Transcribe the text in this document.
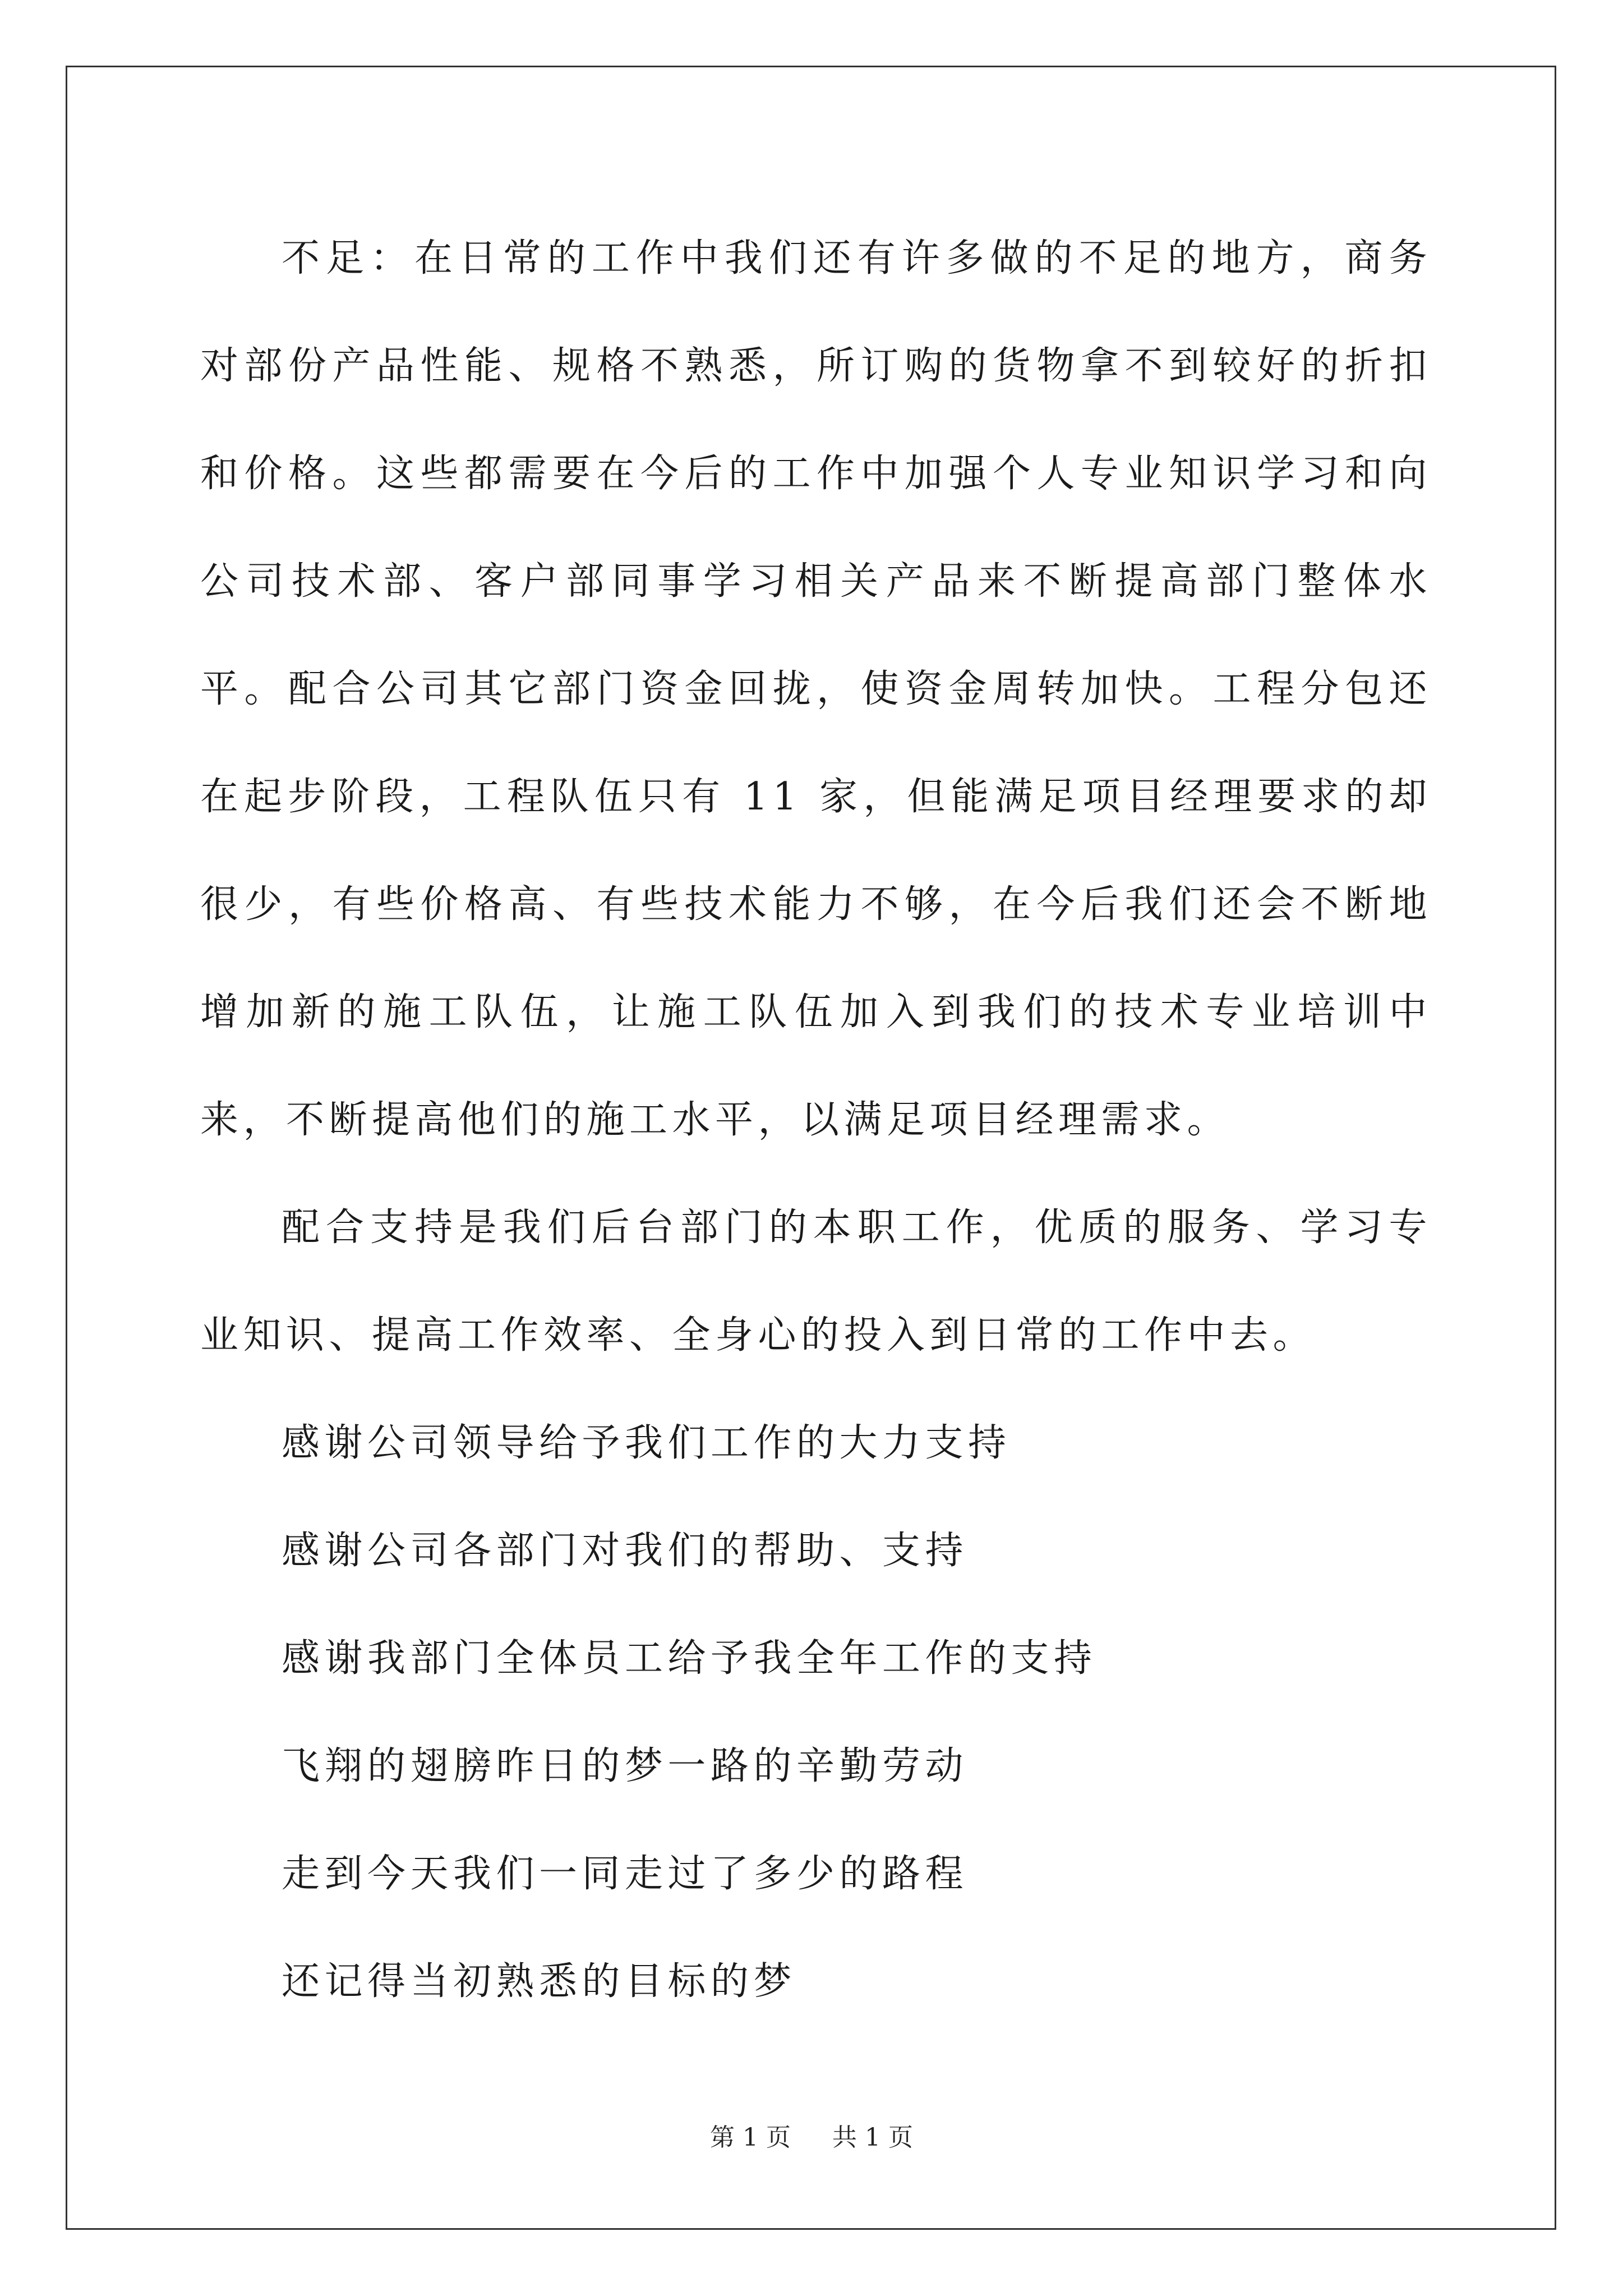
不足：在日常的工作中我们还有许多做的不足的地方，商务对部份产品性能、规格不熟悉，所订购的货物拿不到较好的折扣和价格。这些都需要在今后的工作中加强个人专业知识学习和向公司技术部、客户部同事学习相关产品来不断提高部门整体水平。配合公司其它部门资金回拢，使资金周转加快。工程分包还在起步阶段，工程队伍只有 11 家，但能满足项目经理要求的却很少，有些价格高、有些技术能力不够，在今后我们还会不断地增加新的施工队伍，让施工队伍加入到我们的技术专业培训中来，不断提高他们的施工水平，以满足项目经理需求。

配合支持是我们后台部门的本职工作，优质的服务、学习专业知识、提高工作效率、全身心的投入到日常的工作中去。

感谢公司领导给予我们工作的大力支持

感谢公司各部门对我们的帮助、支持

感谢我部门全体员工给予我全年工作的支持

飞翔的翅膀昨日的梦一路的辛勤劳动

走到今天我们一同走过了多少的路程

还记得当初熟悉的目标的梦

第 1 页 共 1 页
